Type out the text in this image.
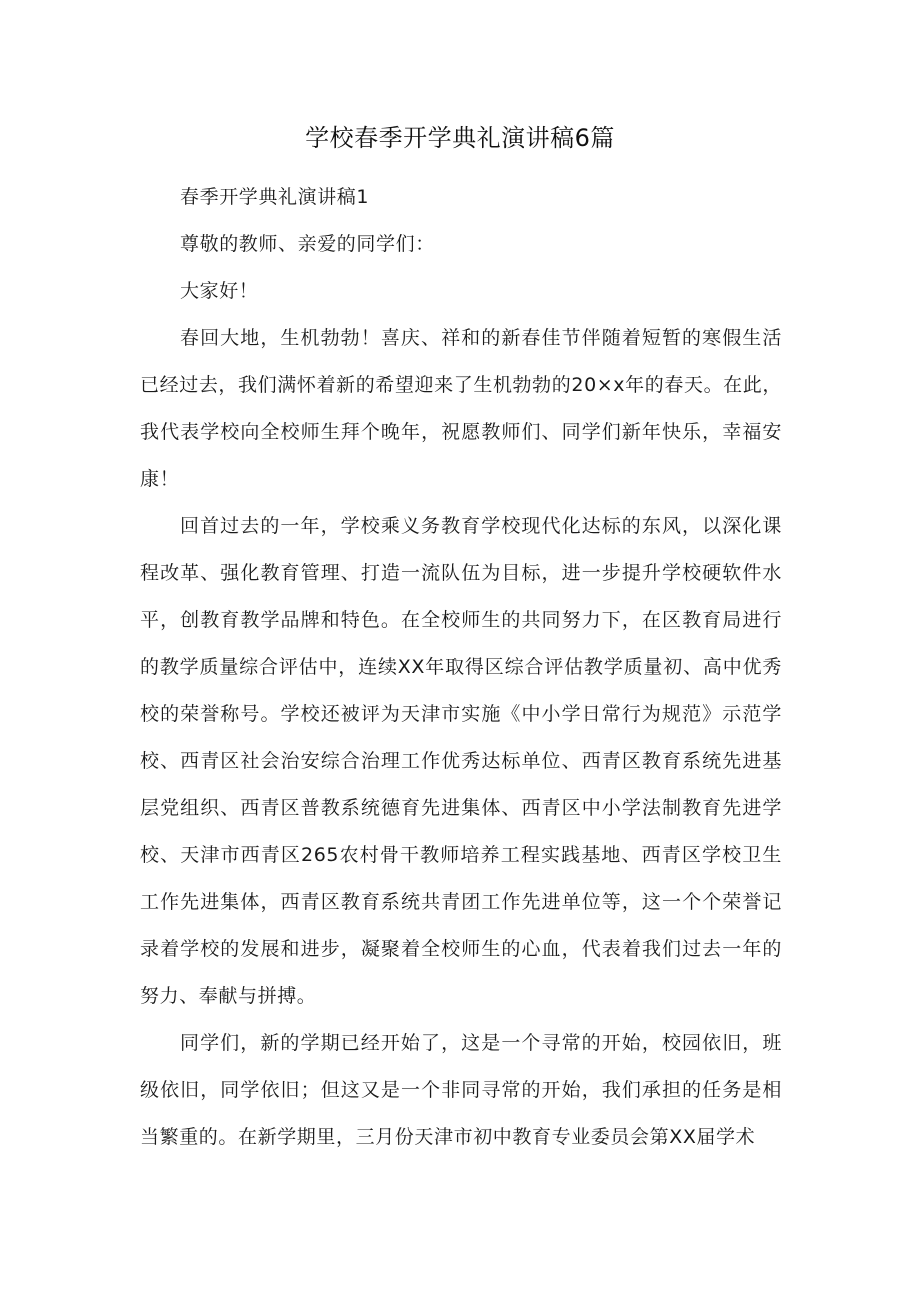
学校春季开学典礼演讲稿6篇

春季开学典礼演讲稿1

尊敬的教师、亲爱的同学们：

大家好！

春回大地，生机勃勃！喜庆、祥和的新春佳节伴随着短暂的寒假生活已经过去，我们满怀着新的希望迎来了生机勃勃的20×x年的春天。在此，我代表学校向全校师生拜个晚年，祝愿教师们、同学们新年快乐，幸福安康！

回首过去的一年，学校乘义务教育学校现代化达标的东风，以深化课程改革、强化教育管理、打造一流队伍为目标，进一步提升学校硬软件水平，创教育教学品牌和特色。在全校师生的共同努力下，在区教育局进行的教学质量综合评估中，连续XX年取得区综合评估教学质量初、高中优秀校的荣誉称号。学校还被评为天津市实施《中小学日常行为规范》示范学校、西青区社会治安综合治理工作优秀达标单位、西青区教育系统先进基层党组织、西青区普教系统德育先进集体、西青区中小学法制教育先进学校、天津市西青区265农村骨干教师培养工程实践基地、西青区学校卫生工作先进集体，西青区教育系统共青团工作先进单位等，这一个个荣誉记录着学校的发展和进步，凝聚着全校师生的心血，代表着我们过去一年的努力、奉献与拼搏。

同学们，新的学期已经开始了，这是一个寻常的开始，校园依旧，班级依旧，同学依旧；但这又是一个非同寻常的开始，我们承担的任务是相当繁重的。在新学期里，三月份天津市初中教育专业委员会第XX届学术
